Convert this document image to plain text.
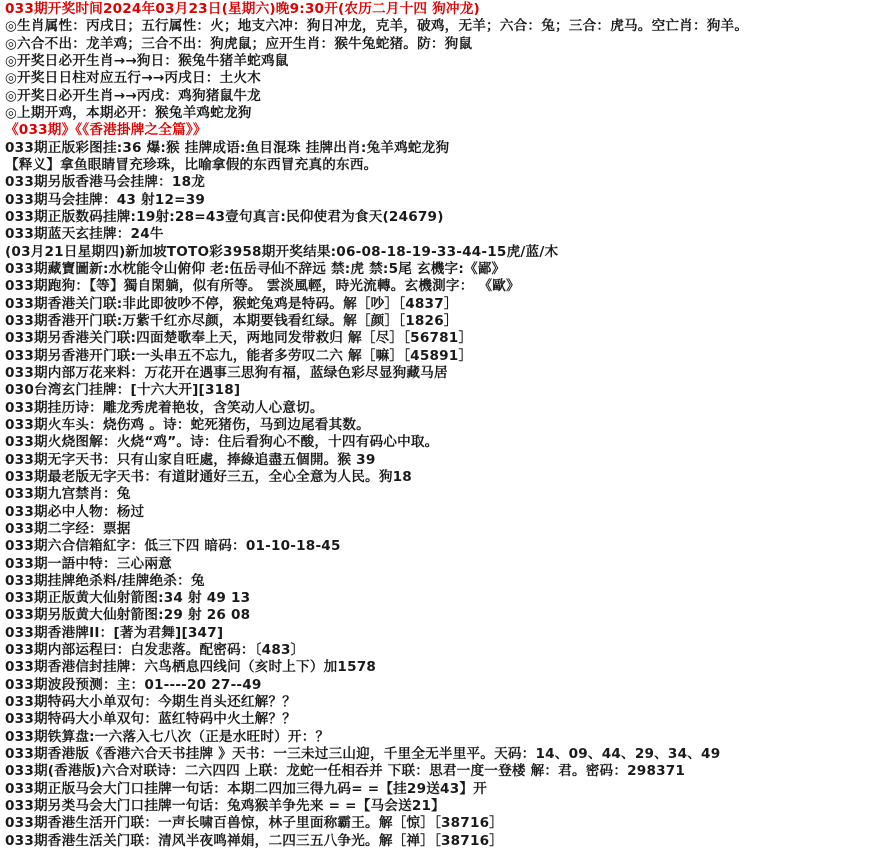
033期开奖时间2024年03月23日(星期六)晚9:30开(农历二月十四 狗冲龙)
◎生肖属性：丙戌日；五行属性：火；地支六冲：狗日冲龙，克羊，破鸡，无羊；六合：兔；三合：虎马。空亡肖：狗羊。
◎六合不出：龙羊鸡；三合不出：狗虎鼠；应开生肖：猴牛兔蛇猪。防：狗鼠
◎开奖日必开生肖→→狗日：猴兔牛猪羊蛇鸡鼠
◎开奖日日柱对应五行→→丙戌日：土火木
◎开奖日必开生肖→→丙戌：鸡狗猪鼠牛龙
◎上期开鸡，本期必开：猴兔羊鸡蛇龙狗
《033期》《《香港掛牌之全篇》》
033期正版彩图挂:36 爆:猴 挂牌成语:鱼目混珠 挂牌出肖:兔羊鸡蛇龙狗
【释义】拿鱼眼睛冒充珍珠，比喻拿假的东西冒充真的东西。
033期另版香港马会挂牌：18龙
033期马会挂牌：43 射12=39
033期正版数码挂牌:19射:28=43壹句真言:民仰使君为食天(24679)
033期蓝天玄挂牌：24牛
(03月21日星期四)新加坡TOTO彩3958期开奖结果:06-08-18-19-33-44-15虎/蓝/木
033期藏寶圖新:水枕能令山俯仰 老:伍岳寻仙不辞远 禁:虎 禁:5尾 玄機字:《鄙》
033期跑狗：【等】獨自閑躺，似有所等。 雲淡風輕，時光流轉。玄機測字： 《歐》
033期香港关门联:非此即彼吵不停，猴蛇兔鸡是特码。解［吵］［4837］
033期香港开门联:万紫千红亦尽颜，本期要钱看红绿。解［颜］［1826］
033期另香港关门联:四面楚歌奉上天，两地同发带救归 解［尽］［56781］
033期另香港开门联:一头串五不忘九，能者多劳叹二六 解［嘛］［45891］
033期内部万花来料：万花开在遇事三思狗有福，蓝绿色彩尽显狗藏马居
030台湾玄门挂牌：[十六大开][318]
033期挂历诗：雕龙秀虎着艳妆，含笑动人心意切。
033期火车头：烧伤鸡 。诗：蛇死猪伤，马到边尾看其数。
033期火烧图解：火烧“鸡”。诗：住后看狗心不酸，十四有码心中取。
033期无字天书：只有山家自旺處，捧綠追盡五個開。猴 39
033期最老版无字天书：有道財通好三五，全心全意为人民。狗18
033期九宫禁肖：兔
033期必中人物：杨过
033期二字经：票据
033期六合信箱紅字：低三下四 暗码：01-10-18-45
033期一語中特：三心兩意
033期挂牌绝杀料/挂牌绝杀：兔
033期正版黄大仙射箭图:34 射 49 13
033期另版黄大仙射箭图:29 射 26 08
033期香港牌II：[著为君舞][347]
033期内部运程曰：白发悲落。配密码：〔483〕
033期香港信封挂牌：六鸟栖息四线问（亥时上下）加1578
033期波段预测：主：01----20 27--49
033期特码大小单双句：今期生肖头还红解？？
033期特码大小单双句：蓝红特码中火土解？？
033期铁算盘:一六落入七八次（正是水旺时）开：？
033期香港版《香港六合天书挂牌 》天书：一三未过三山迎，千里全无半里平。天码：14、09、44、29、34、49
033期(香港版)六合对联诗：二六四四 上联：龙蛇一任相吞并 下联：思君一度一登楼 解：君。密码：298371
033期正版马会大门口挂牌一句话：本期二四加三得九码= =【挂29送43】开
033期另类马会大门口挂牌一句话：兔鸡猴羊争先来 = =【马会送21】
033期香港生活开门联：一声长啸百兽惊，林子里面称霸王。解［惊］［38716］
033期香港生活关门联：清风半夜鸣禅娟，二四三五八争光。解［禅］［38716］
